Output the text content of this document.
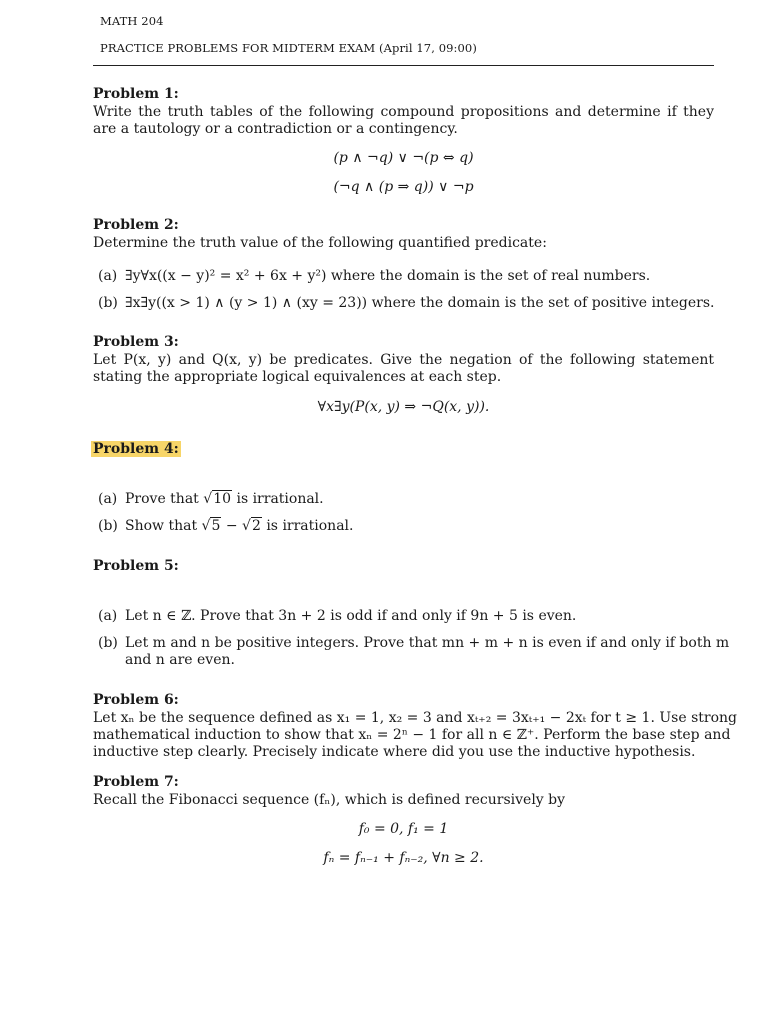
MATH 204
PRACTICE PROBLEMS FOR MIDTERM EXAM (April 17, 09:00)
Problem 1:
Write the truth tables of the following compound propositions and determine if they are a tautology or a contradiction or a contingency.
(p ∧ ¬q) ∨ ¬(p ⇔ q)
(¬q ∧ (p ⇒ q)) ∨ ¬p
Problem 2:
Determine the truth value of the following quantified predicate:
(a) ∃y∀x((x − y)² = x² + 6x + y²) where the domain is the set of real numbers.
(b) ∃x∃y((x > 1) ∧ (y > 1) ∧ (xy = 23)) where the domain is the set of positive integers.
Problem 3:
Let P(x, y) and Q(x, y) be predicates. Give the negation of the following statement stating the appropriate logical equivalences at each step.
∀x∃y(P(x, y) ⇒ ¬Q(x, y)).
Problem 4:
(a) Prove that √10 is irrational.
(b) Show that √5 − √2 is irrational.
Problem 5:
(a) Let n ∈ ℤ. Prove that 3n + 2 is odd if and only if 9n + 5 is even.
(b) Let m and n be positive integers. Prove that mn + m + n is even if and only if both m
and n are even.
Problem 6:
Let xₙ be the sequence defined as x₁ = 1, x₂ = 3 and xₜ₊₂ = 3xₜ₊₁ − 2xₜ for t ≥ 1. Use strong
mathematical induction to show that xₙ = 2ⁿ − 1 for all n ∈ ℤ⁺. Perform the base step and
inductive step clearly. Precisely indicate where did you use the inductive hypothesis.
Problem 7:
Recall the Fibonacci sequence (fₙ), which is defined recursively by
f₀ = 0, f₁ = 1
fₙ = fₙ₋₁ + fₙ₋₂, ∀n ≥ 2.
